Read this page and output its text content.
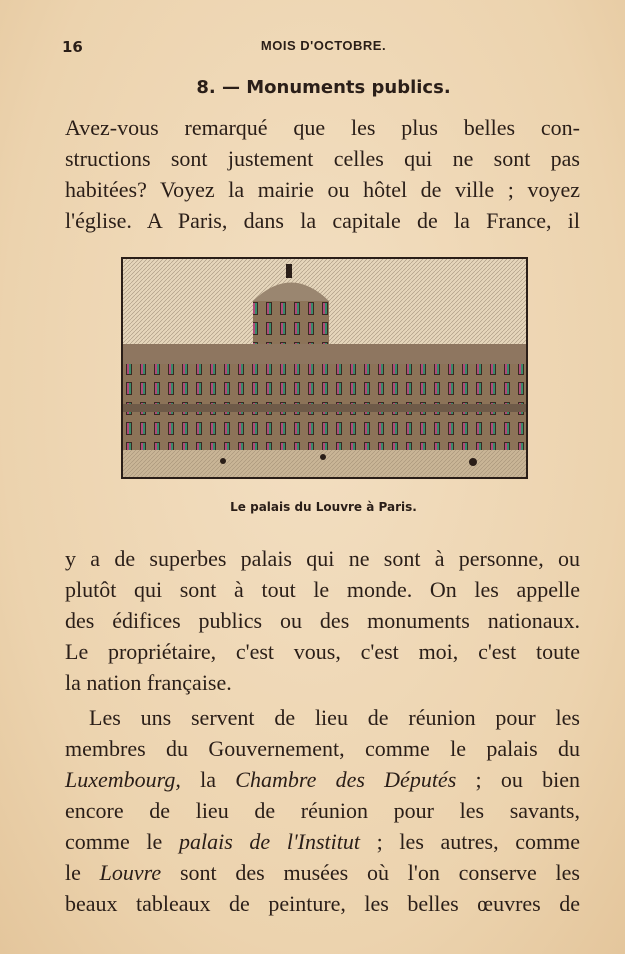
16	MOIS D'OCTOBRE.
8. — Monuments publics.
Avez-vous remarqué que les plus belles con-
structions sont justement celles qui ne sont pas
habitées? Voyez la mairie ou hôtel de ville ; voyez
l'église. A Paris, dans la capitale de la France, il
Le palais du Louvre à Paris.
y a de superbes palais qui ne sont à personne, ou
plutôt qui sont à tout le monde. On les appelle
des édifices publics ou des monuments nationaux.
Le propriétaire, c'est vous, c'est moi, c'est toute
la nation française.
Les uns servent de lieu de réunion pour les
membres du Gouvernement, comme le palais du
Luxembourg, la Chambre des Députés ; ou bien
encore de lieu de réunion pour les savants,
comme le palais de l'Institut ; les autres, comme
le Louvre sont des musées où l'on conserve les
beaux tableaux de peinture, les belles œuvres de
